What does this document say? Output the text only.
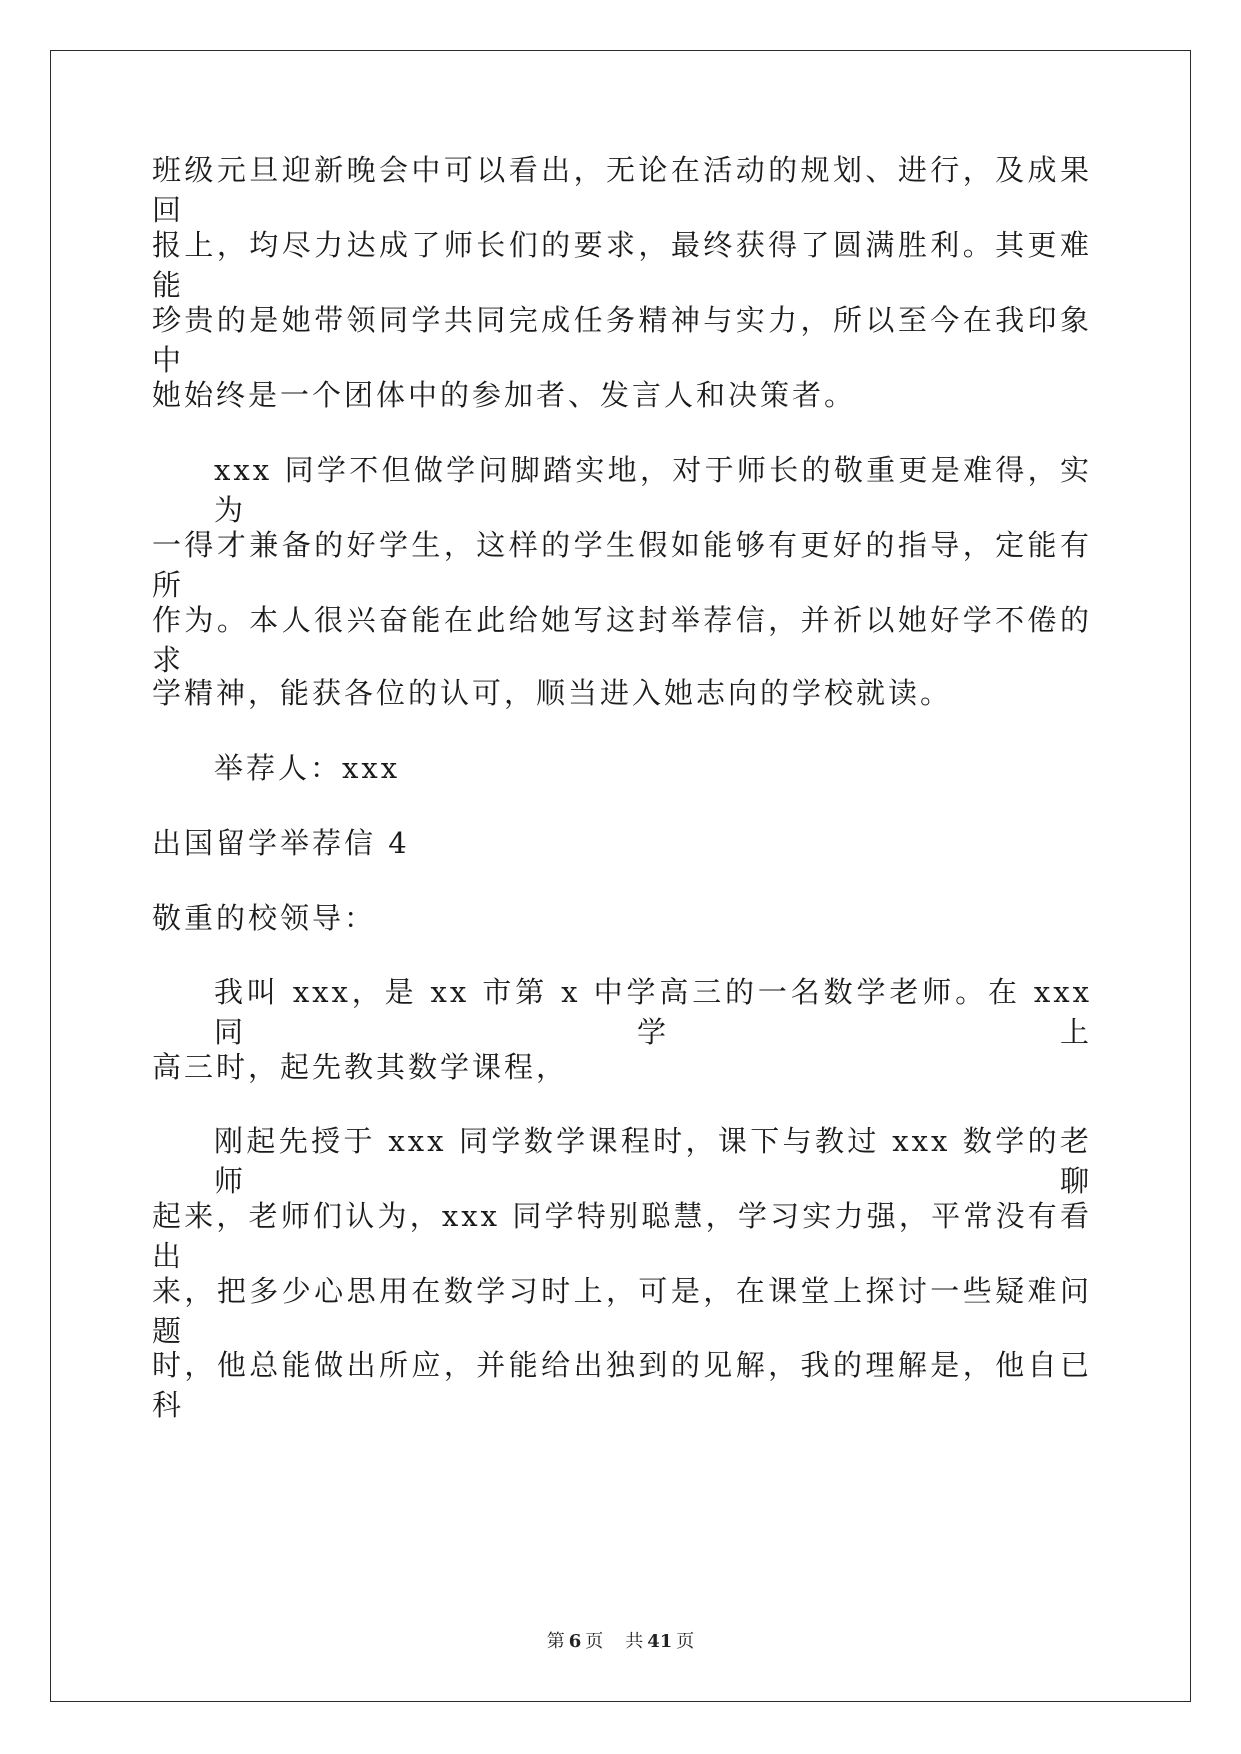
班级元旦迎新晚会中可以看出，无论在活动的规划、进行，及成果回
报上，均尽力达成了师长们的要求，最终获得了圆满胜利。其更难能
珍贵的是她带领同学共同完成任务精神与实力，所以至今在我印象中
她始终是一个团体中的参加者、发言人和决策者。
xxx 同学不但做学问脚踏实地，对于师长的敬重更是难得，实为
一得才兼备的好学生，这样的学生假如能够有更好的指导，定能有所
作为。本人很兴奋能在此给她写这封举荐信，并祈以她好学不倦的求
学精神，能获各位的认可，顺当进入她志向的学校就读。
举荐人：xxx
出国留学举荐信 4
敬重的校领导：
我叫 xxx，是 xx 市第 x 中学高三的一名数学老师。在 xxx 同学上
高三时，起先教其数学课程，
刚起先授于 xxx 同学数学课程时，课下与教过 xxx 数学的老师聊
起来，老师们认为，xxx 同学特别聪慧，学习实力强，平常没有看出
来，把多少心思用在数学习时上，可是，在课堂上探讨一些疑难问题
时，他总能做出所应，并能给出独到的见解，我的理解是，他自已科
第 6 页 共 41 页
